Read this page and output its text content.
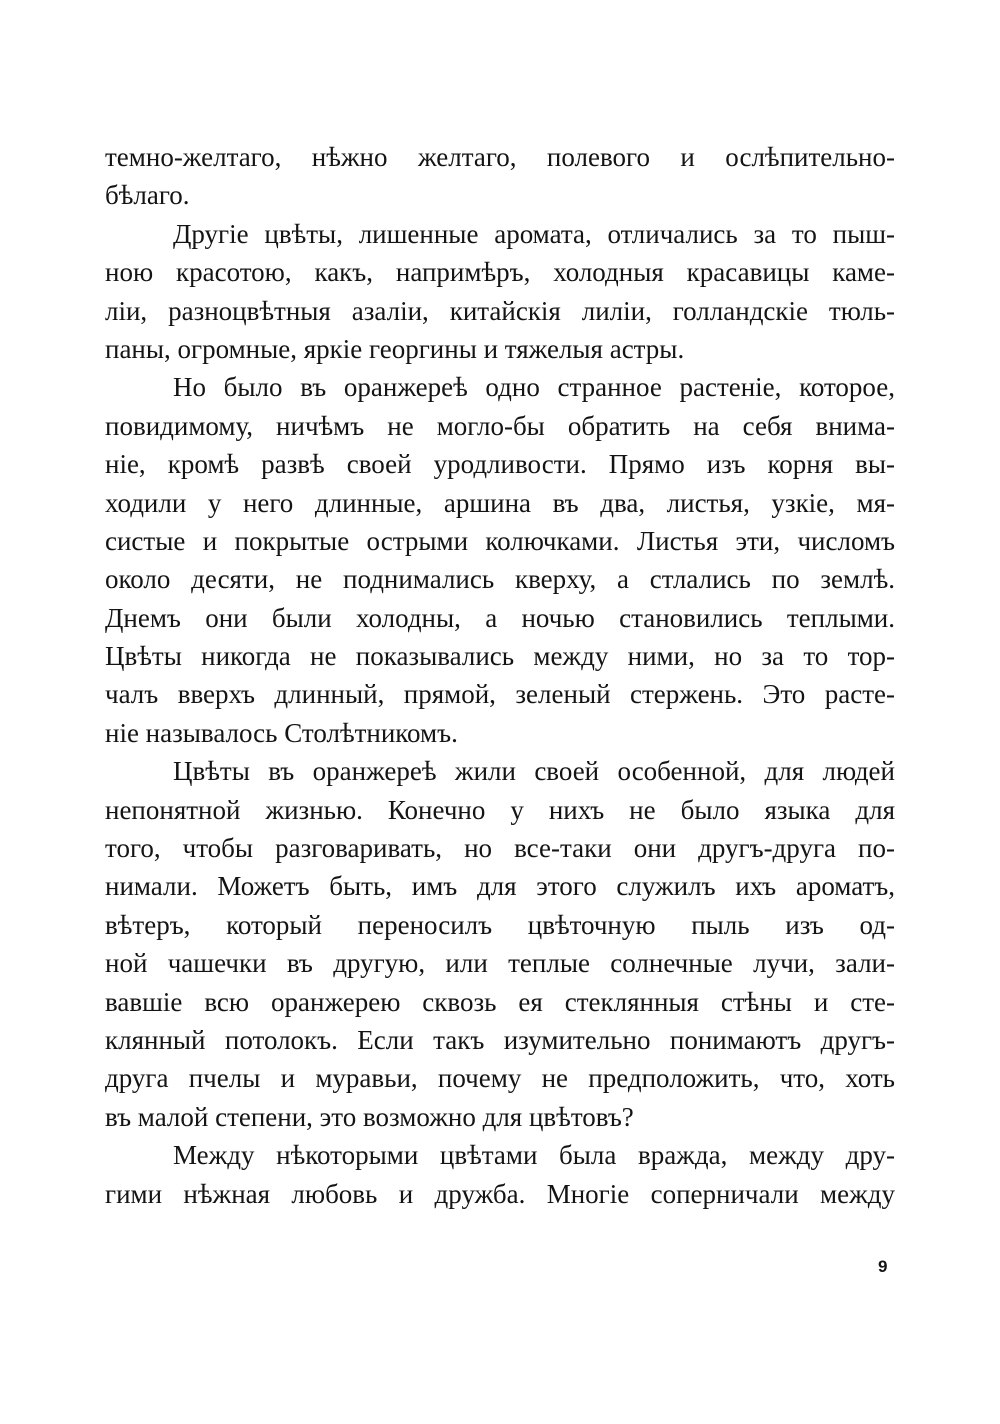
темно-желтаго, нѣжно желтаго, полевого и ослѣпительно-
бѣлаго.
Другіе цвѣты, лишенные аромата, отличались за то пыш-
ною красотою, какъ, напримѣръ, холодныя красавицы каме-
ліи, разноцвѣтныя азаліи, китайскія лиліи, голландскіе тюль-
паны, огромные, яркіе георгины и тяжелыя астры.
Но было въ оранжереѣ одно странное растеніе, которое,
повидимому, ничѣмъ не могло-бы обратить на себя внима-
ніе, кромѣ развѣ своей уродливости. Прямо изъ корня вы-
ходили у него длинные, аршина въ два, листья, узкіе, мя-
систые и покрытые острыми колючками. Листья эти, числомъ
около десяти, не поднимались кверху, а стлались по землѣ.
Днемъ они были холодны, а ночью становились теплыми.
Цвѣты никогда не показывались между ними, но за то тор-
чалъ вверхъ длинный, прямой, зеленый стержень. Это расте-
ніе называлось Столѣтникомъ.
Цвѣты въ оранжереѣ жили своей особенной, для людей
непонятной жизнью. Конечно у нихъ не было языка для
того, чтобы разговаривать, но все-таки они другъ-друга по-
нимали. Можетъ быть, имъ для этого служилъ ихъ ароматъ,
вѣтеръ, который переносилъ цвѣточную пыль изъ од-
ной чашечки въ другую, или теплые солнечные лучи, зали-
вавшіе всю оранжерею сквозь ея стеклянныя стѣны и сте-
клянный потолокъ. Если такъ изумительно понимаютъ другъ-
друга пчелы и муравьи, почему не предположить, что, хоть
въ малой степени, это возможно для цвѣтовъ?
Между нѣкоторыми цвѣтами была вражда, между дру-
гими нѣжная любовь и дружба. Многіе соперничали между
9
